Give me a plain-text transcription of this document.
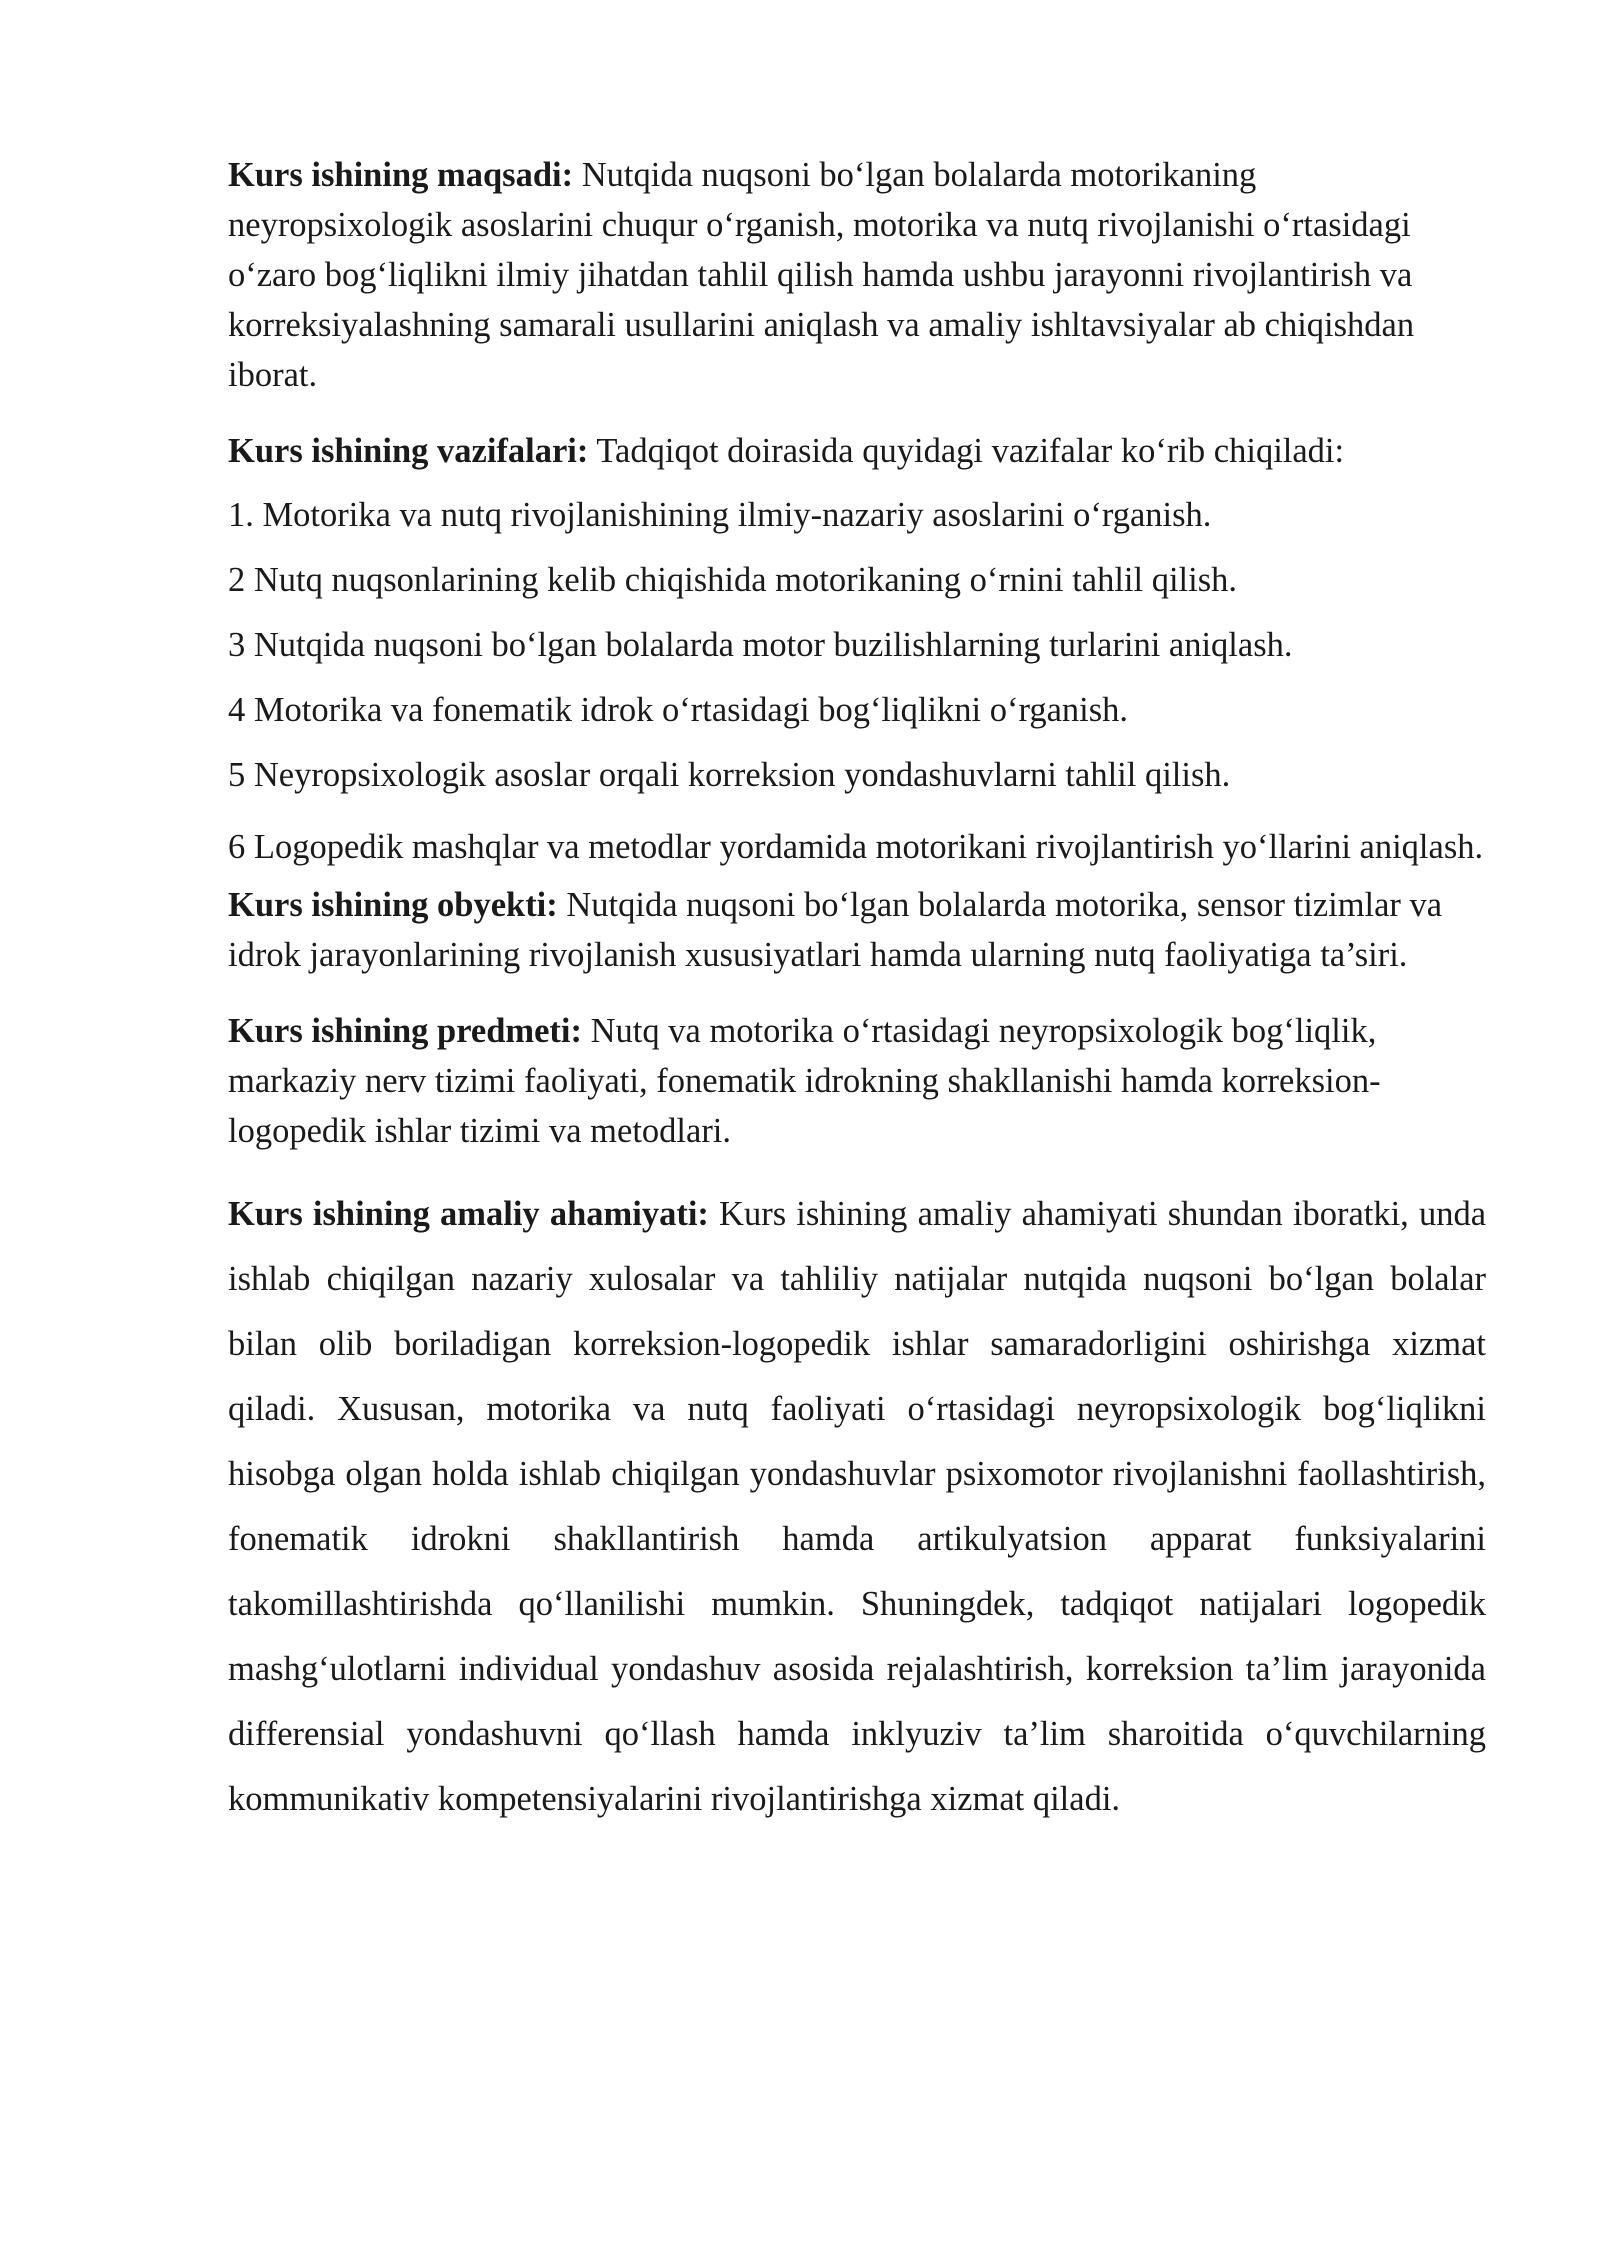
Kurs ishining maqsadi: Nutqida nuqsoni bo‘lgan bolalarda motorikaning neyropsixologik asoslarini chuqur o‘rganish, motorika va nutq rivojlanishi o‘rtasidagi o‘zaro bog‘liqlikni ilmiy jihatdan tahlil qilish hamda ushbu jarayonni rivojlantirish va korreksiyalashning samarali usullarini aniqlash va amaliy ishltavsiyalar ab chiqishdan iborat.

Kurs ishining vazifalari: Tadqiqot doirasida quyidagi vazifalar ko‘rib chiqiladi:

1. Motorika va nutq rivojlanishining ilmiy-nazariy asoslarini o‘rganish.

2 Nutq nuqsonlarining kelib chiqishida motorikaning o‘rnini tahlil qilish.

3 Nutqida nuqsoni bo‘lgan bolalarda motor buzilishlarning turlarini aniqlash.

4 Motorika va fonematik idrok o‘rtasidagi bog‘liqlikni o‘rganish.

5 Neyropsixologik asoslar orqali korreksion yondashuvlarni tahlil qilish.

6 Logopedik mashqlar va metodlar yordamida motorikani rivojlantirish yo‘llarini aniqlash.

Kurs ishining obyekti: Nutqida nuqsoni bo‘lgan bolalarda motorika, sensor tizimlar va idrok jarayonlarining rivojlanish xususiyatlari hamda ularning nutq faoliyatiga ta’siri.

Kurs ishining predmeti: Nutq va motorika o‘rtasidagi neyropsixologik bog‘liqlik, markaziy nerv tizimi faoliyati, fonematik idrokning shakllanishi hamda korreksion-logopedik ishlar tizimi va metodlari.

Kurs ishining amaliy ahamiyati: Kurs ishining amaliy ahamiyati shundan iboratki, unda ishlab chiqilgan nazariy xulosalar va tahliliy natijalar nutqida nuqsoni bo‘lgan bolalar bilan olib boriladigan korreksion-logopedik ishlar samaradorligini oshirishga xizmat qiladi. Xususan, motorika va nutq faoliyati o‘rtasidagi neyropsixologik bog‘liqlikni hisobga olgan holda ishlab chiqilgan yondashuvlar psixomotor rivojlanishni faollashtirish, fonematik idrokni shakllantirish hamda artikulyatsion apparat funksiyalarini takomillashtirishda qo‘llanilishi mumkin. Shuningdek, tadqiqot natijalari logopedik mashg‘ulotlarni individual yondashuv asosida rejalashtirish, korreksion ta’lim jarayonida differensial yondashuvni qo‘llash hamda inklyuziv ta’lim sharoitida o‘quvchilarning kommunikativ kompetensiyalarini rivojlantirishga xizmat qiladi.
